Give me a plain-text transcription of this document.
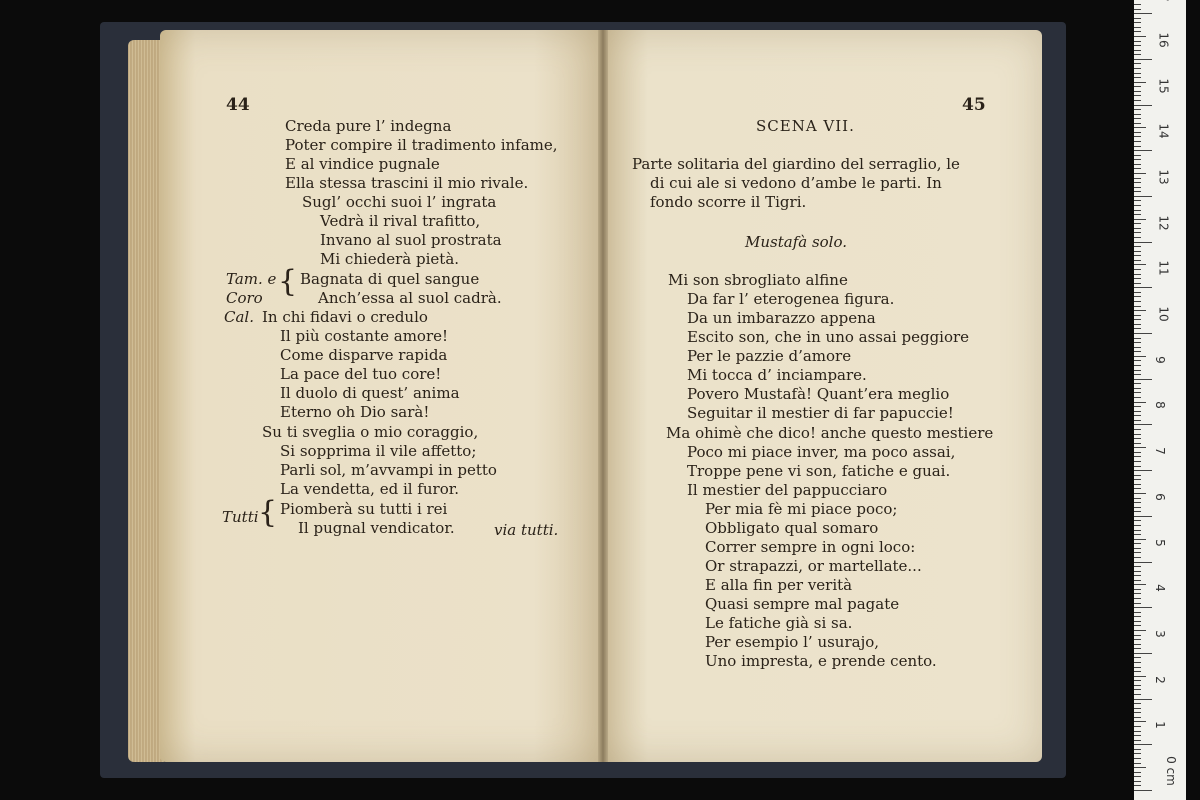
44
Creda pure l’ indegna
Poter compire il tradimento infame,
E al vindice pugnale
Ella stessa trascini il mio rivale.
Sugl’ occhi suoi l’ ingrata
Vedrà il rival trafitto,
Invano al suol prostrata
Mi chiederà pietà.
Bagnata di quel sangue
Anch’essa al suol cadrà.
In chi fidavi o credulo
Il più costante amore!
Come disparve rapida
La pace del tuo core!
Il duolo di quest’ anima
Eterno oh Dio sarà!
Su ti sveglia o mio coraggio,
Si sopprima il vile affetto;
Parli sol, m’avvampi in petto
La vendetta, ed il furor.
Piomberà su tutti i rei
Il pugnal vendicator.
Tam. e
Coro
Cal.
Tutti
{
{	via tutti.
45
SCENA VII.
Parte solitaria del giardino del serraglio, le
di cui ale si vedono d’ambe le parti. In
fondo scorre il Tigri.
Mustafà solo.
Mi son sbrogliato alfine
Da far l’ eterogenea figura.
Da un imbarazzo appena
Escito son, che in uno assai peggiore
Per le pazzie d’amore
Mi tocca d’ inciampare.
Povero Mustafà! Quant’era meglio
Seguitar il mestier di far papuccie!
Ma ohimè che dico! anche questo mestiere
Poco mi piace inver, ma poco assai,
Troppe pene vi son, fatiche e guai.
Il mestier del pappucciaro
Per mia fè mi piace poco;
Obbligato qual somaro
Correr sempre in ogni loco:
Or strapazzi, or martellate...
E alla fin per verità
Quasi sempre mal pagate
Le fatiche già si sa.
Per esempio l’ usurajo,
Uno impresta, e prende cento.
0 cm
1
2
3
4
5
6
7
8
9
10
11
12
13
14
15
16
